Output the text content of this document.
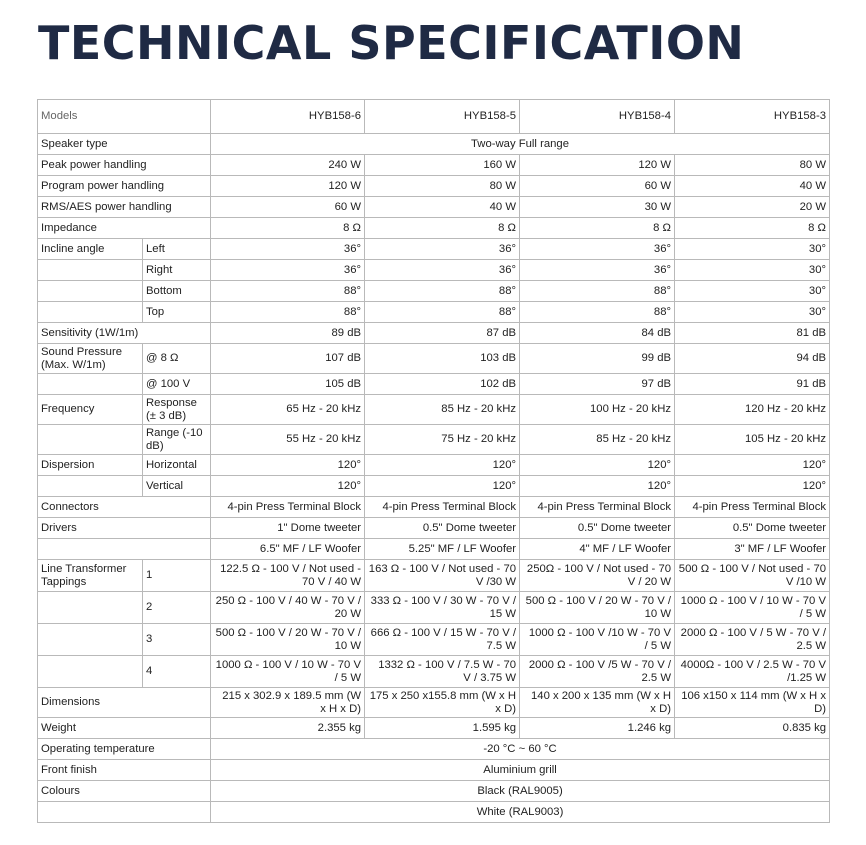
TECHNICAL SPECIFICATION
Models		HYB158-6	HYB158-5	HYB158-4	HYB158-3
Speaker type		Two-way Full range			
Peak power handling		240 W	160 W	120 W	80 W
Program power handling		120 W	80 W	60 W	40 W
RMS/AES power handling		60 W	40 W	30 W	20 W
Impedance		8 Ω	8 Ω	8 Ω	8 Ω
Incline angle	Left	36°	36°	36°	30°
	Right	36°	36°	36°	30°
	Bottom	88°	88°	88°	30°
	Top	88°	88°	88°	30°
Sensitivity (1W/1m)		89 dB	87 dB	84 dB	81 dB
Sound Pressure (Max. W/1m)	@ 8 Ω	107 dB	103 dB	99 dB	94 dB
	@ 100 V	105 dB	102 dB	97 dB	91 dB
Frequency	Response (± 3 dB)	65 Hz - 20 kHz	85 Hz - 20 kHz	100 Hz - 20 kHz	120 Hz - 20 kHz
	Range (-10 dB)	55 Hz - 20 kHz	75 Hz - 20 kHz	85 Hz - 20 kHz	105 Hz - 20 kHz
Dispersion	Horizontal	120°	120°	120°	120°
	Vertical	120°	120°	120°	120°
Connectors		4-pin Press Terminal Block	4-pin Press Terminal Block	4-pin Press Terminal Block	4-pin Press Terminal Block
Drivers		1" Dome tweeter	0.5" Dome tweeter	0.5" Dome tweeter	0.5" Dome tweeter
		6.5" MF / LF Woofer	5.25" MF / LF Woofer	4" MF / LF Woofer	3" MF / LF Woofer
Line Transformer Tappings	1	122.5 Ω - 100 V / Not used - 70 V / 40 W	163 Ω - 100 V / Not used - 70 V /30 W	250Ω - 100 V / Not used - 70 V / 20 W	500 Ω - 100 V / Not used - 70 V /10 W
	2	250 Ω - 100 V / 40 W - 70 V / 20 W	333 Ω - 100 V / 30 W - 70 V / 15 W	500 Ω - 100 V / 20 W - 70 V / 10 W	1000 Ω - 100 V / 10 W - 70 V / 5 W
	3	500 Ω - 100 V / 20 W - 70 V / 10 W	666 Ω - 100 V / 15 W - 70 V / 7.5 W	1000 Ω - 100 V /10 W - 70 V / 5 W	2000 Ω - 100 V / 5 W - 70 V / 2.5 W
	4	1000 Ω - 100 V / 10 W - 70 V / 5 W	1332 Ω - 100 V / 7.5 W - 70 V / 3.75 W	2000 Ω - 100 V /5 W - 70 V / 2.5 W	4000Ω - 100 V / 2.5 W - 70 V /1.25 W
Dimensions		215 x 302.9 x 189.5 mm (W x H x D)	175 x 250 x155.8 mm (W x H x D)	140 x 200 x 135 mm (W x H x D)	106 x150 x 114 mm (W x H x D)
Weight		2.355 kg	1.595 kg	1.246 kg	0.835 kg
Operating temperature		-20 °C ~ 60 °C			
Front finish		Aluminium grill			
Colours		Black (RAL9005)			
		White (RAL9003)			
